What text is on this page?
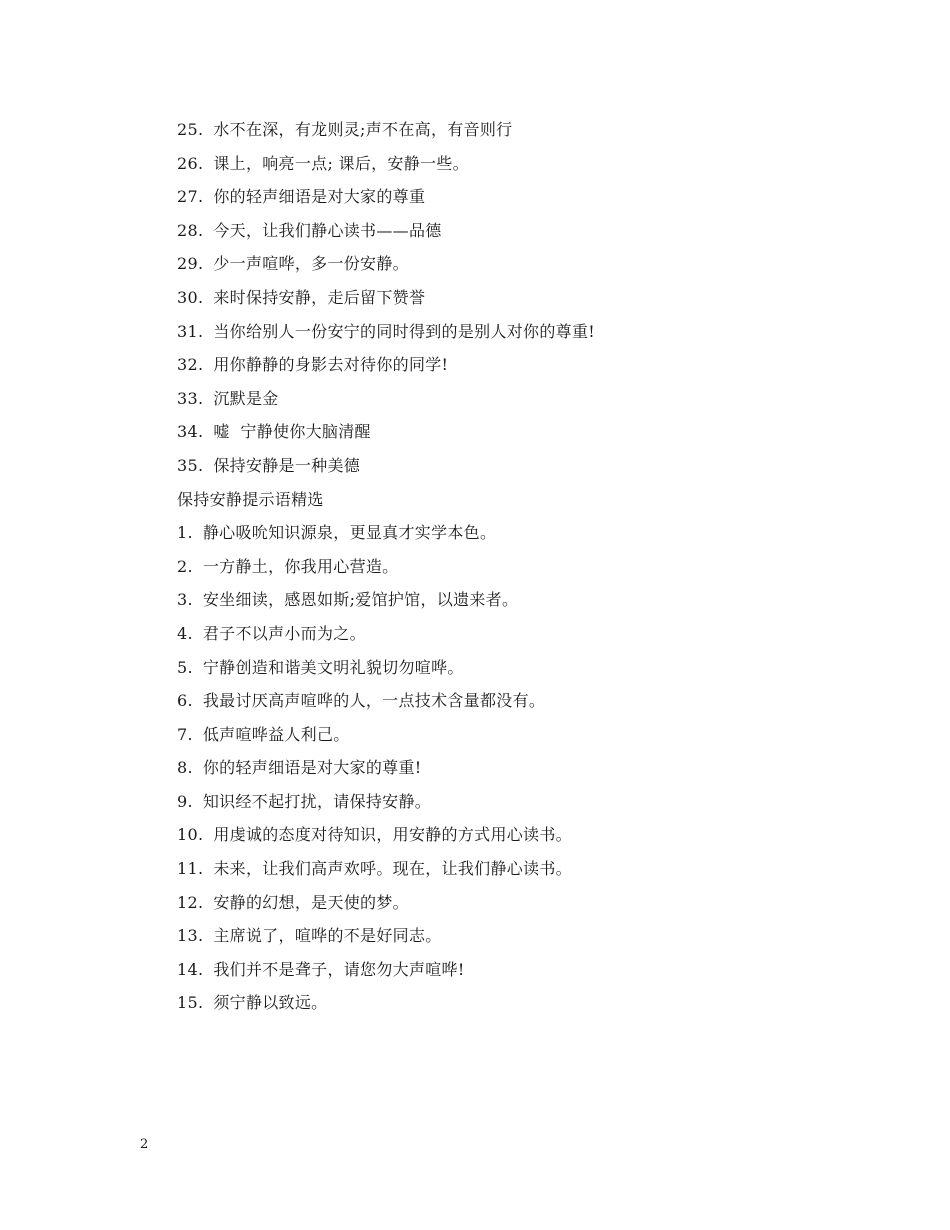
25. 水不在深，有龙则灵;声不在高，有音则行
26. 课上，响亮一点; 课后，安静一些。
27. 你的轻声细语是对大家的尊重
28. 今天，让我们静心读书——品德
29. 少一声喧哗，多一份安静。
30. 来时保持安静，走后留下赞誉
31. 当你给别人一份安宁的同时得到的是别人对你的尊重!
32. 用你静静的身影去对待你的同学!
33. 沉默是金
34. 嘘  宁静使你大脑清醒
35. 保持安静是一种美德
保持安静提示语精选
1. 静心吸吮知识源泉，更显真才实学本色。
2. 一方静土，你我用心营造。
3. 安坐细读，感恩如斯;爱馆护馆，以遗来者。
4. 君子不以声小而为之。
5. 宁静创造和谐美文明礼貌切勿喧哗。
6. 我最讨厌高声喧哗的人，一点技术含量都没有。
7. 低声喧哗益人利己。
8. 你的轻声细语是对大家的尊重!
9. 知识经不起打扰，请保持安静。
10. 用虔诚的态度对待知识，用安静的方式用心读书。
11. 未来，让我们高声欢呼。现在，让我们静心读书。
12. 安静的幻想，是天使的梦。
13. 主席说了，喧哗的不是好同志。
14. 我们并不是聋子，请您勿大声喧哗!
15. 须宁静以致远。
2
